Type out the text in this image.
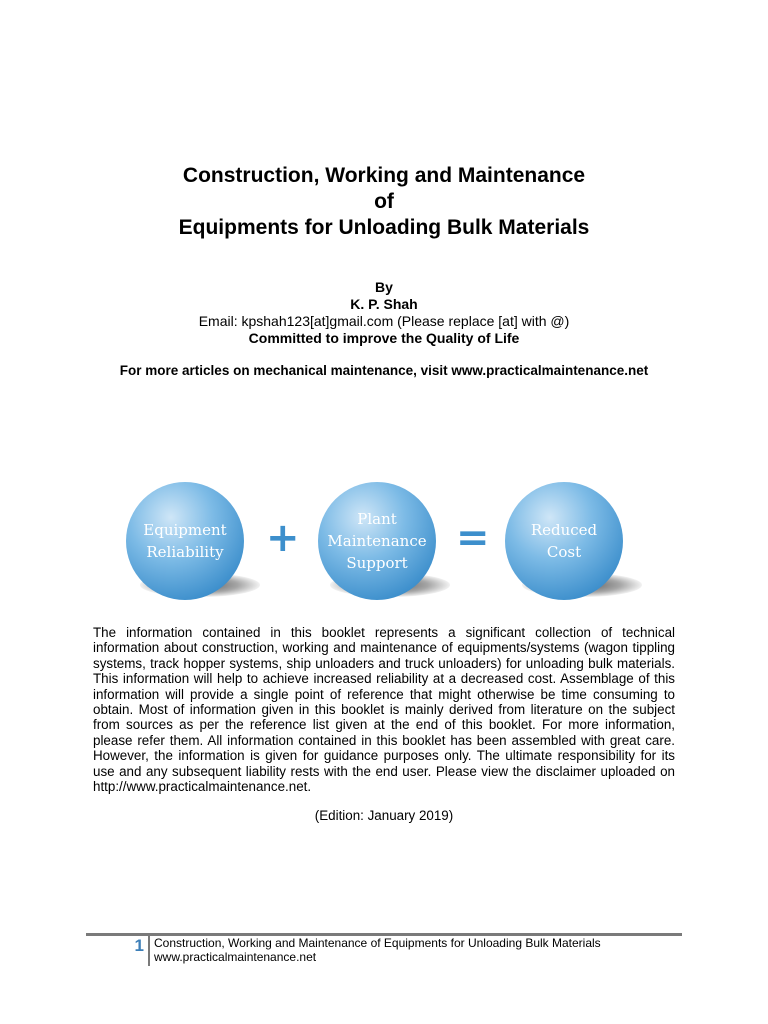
Construction, Working and Maintenance
of
Equipments for Unloading Bulk Materials
By
K. P. Shah
Email: kpshah123[at]gmail.com (Please replace [at] with @)
Committed to improve the Quality of Life
For more articles on mechanical maintenance, visit www.practicalmaintenance.net
Equipment Reliability +	Plant Maintenance Support
=	Reduced Cost
The information contained in this booklet represents a significant collection of technical information about construction, working and maintenance of equipments/systems (wagon tippling systems, track hopper systems, ship unloaders and truck unloaders) for unloading bulk materials. This information will help to achieve increased reliability at a decreased cost. Assemblage of this information will provide a single point of reference that might otherwise be time consuming to obtain. Most of information given in this booklet is mainly derived from literature on the subject from sources as per the reference list given at the end of this booklet. For more information, please refer them. All information contained in this booklet has been assembled with great care. However, the information is given for guidance purposes only. The ultimate responsibility for its use and any subsequent liability rests with the end user. Please view the disclaimer uploaded on http://www.practicalmaintenance.net.
(Edition: January 2019)
1 Construction, Working and Maintenance of Equipments for Unloading Bulk Materials
www.practicalmaintenance.net
